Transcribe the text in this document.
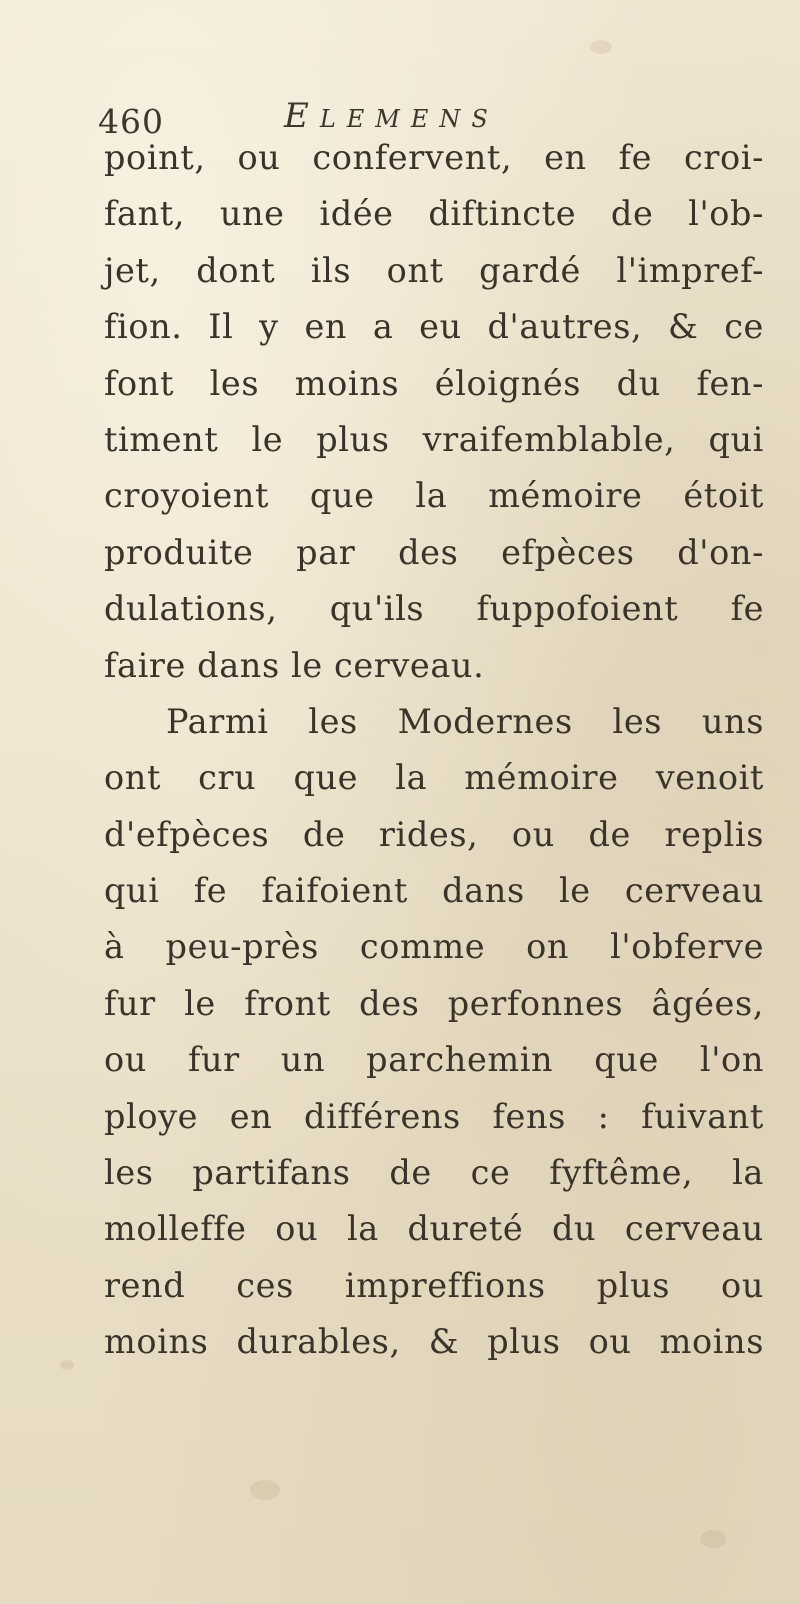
460	Elemens
point, ou confervent, en fe croi-
fant, une idée diftincte de l'ob-
jet, dont ils ont gardé l'impref-
fion. Il y en a eu d'autres, & ce
font les moins éloignés du fen-
timent le plus vraifemblable, qui
croyoient que la mémoire étoit
produite par des efpèces d'on-
dulations, qu'ils fuppofoient fe
faire dans le cerveau.
Parmi les Modernes les uns
ont cru que la mémoire venoit
d'efpèces de rides, ou de replis
qui fe faifoient dans le cerveau
à peu-près comme on l'obferve
fur le front des perfonnes âgées,
ou fur un parchemin que l'on
ploye en différens fens : fuivant
les partifans de ce fyftême, la
molleffe ou la dureté du cerveau
rend ces impreffions plus ou
moins durables, & plus ou moins
